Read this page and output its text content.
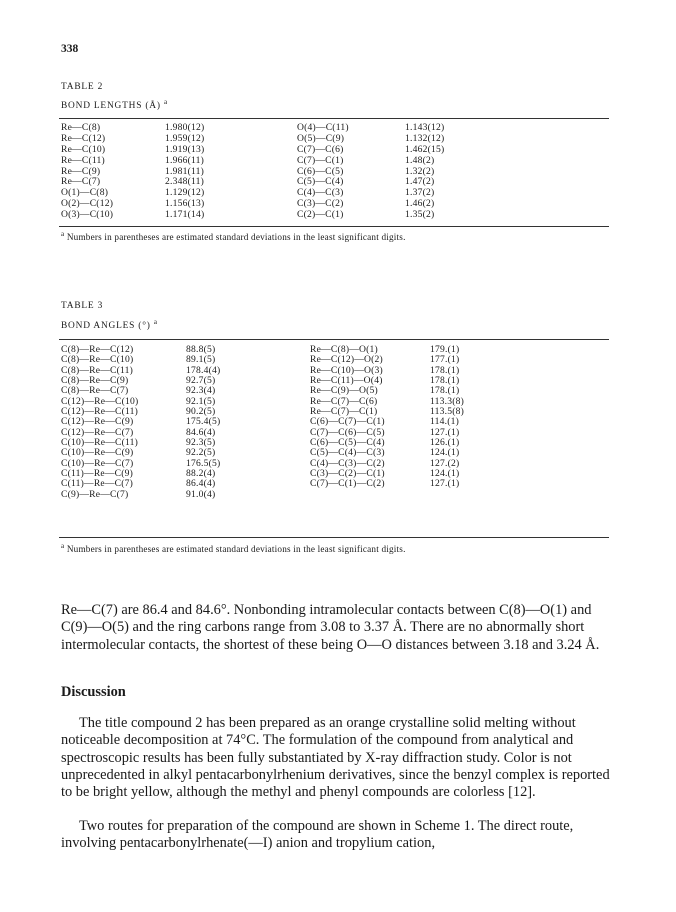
338
TABLE 2
BOND LENGTHS (Å) $^a$
Re—C(8)
Re—C(12)
Re—C(10)
Re—C(11)
Re—C(9)
Re—C(7)
O(1)—C(8)
O(2)—C(12)
O(3)—C(10)
1.980(12)
1.959(12)
1.919(13)
1.966(11)
1.981(11)
2.348(11)
1.129(12)
1.156(13)
1.171(14)
O(4)—C(11)
O(5)—C(9)
C(7)—C(6)
C(7)—C(1)
C(6)—C(5)
C(5)—C(4)
C(4)—C(3)
C(3)—C(2)
C(2)—C(1)
1.143(12)
1.132(12)
1.462(15)
1.48(2)
1.32(2)
1.47(2)
1.37(2)
1.46(2)
1.35(2)
$^a$ Numbers in parentheses are estimated standard deviations in the least significant digits.
TABLE 3
BOND ANGLES (°) $^a$
C(8)—Re—C(12)
C(8)—Re—C(10)
C(8)—Re—C(11)
C(8)—Re—C(9)
C(8)—Re—C(7)
C(12)—Re—C(10)
C(12)—Re—C(11)
C(12)—Re—C(9)
C(12)—Re—C(7)
C(10)—Re—C(11)
C(10)—Re—C(9)
C(10)—Re—C(7)
C(11)—Re—C(9)
C(11)—Re—C(7)
C(9)—Re—C(7)
88.8(5)
89.1(5)
178.4(4)
92.7(5)
92.3(4)
92.1(5)
90.2(5)
175.4(5)
84.6(4)
92.3(5)
92.2(5)
176.5(5)
88.2(4)
86.4(4)
91.0(4)
Re—C(8)—O(1)
Re—C(12)—O(2)
Re—C(10)—O(3)
Re—C(11)—O(4)
Re—C(9)—O(5)
Re—C(7)—C(6)
Re—C(7)—C(1)
C(6)—C(7)—C(1)
C(7)—C(6)—C(5)
C(6)—C(5)—C(4)
C(5)—C(4)—C(3)
C(4)—C(3)—C(2)
C(3)—C(2)—C(1)
C(7)—C(1)—C(2)
179.(1)
177.(1)
178.(1)
178.(1)
178.(1)
113.3(8)
113.5(8)
114.(1)
127.(1)
126.(1)
124.(1)
127.(2)
124.(1)
127.(1)
$^a$ Numbers in parentheses are estimated standard deviations in the least significant digits.

Re—C(7) are 86.4 and 84.6°. Nonbonding intramolecular contacts between C(8)—O(1) and C(9)—O(5) and the ring carbons range from 3.08 to 3.37 Å. There are no abnormally short intermolecular contacts, the shortest of these being O—O distances between 3.18 and 3.24 Å.

Discussion

The title compound 2 has been prepared as an orange crystalline solid melting without noticeable decomposition at 74°C. The formulation of the compound from analytical and spectroscopic results has been fully substantiated by X-ray diffraction study. Color is not unprecedented in alkyl pentacarbonylrhenium derivatives, since the benzyl complex is reported to be bright yellow, although the methyl and phenyl compounds are colorless [12].

Two routes for preparation of the compound are shown in Scheme 1. The direct route, involving pentacarbonylrhenate(—I) anion and tropylium cation,
